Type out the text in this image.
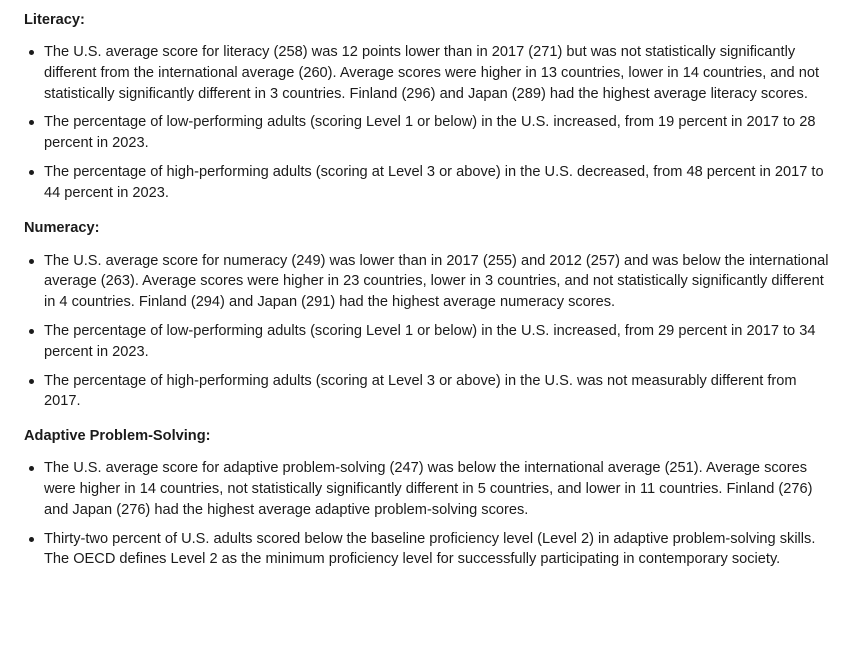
Literacy:

The U.S. average score for literacy (258) was 12 points lower than in 2017 (271) but was not statistically significantly different from the international average (260). Average scores were higher in 13 countries, lower in 14 countries, and not statistically significantly different in 3 countries. Finland (296) and Japan (289) had the highest average literacy scores.
The percentage of low-performing adults (scoring Level 1 or below) in the U.S. increased, from 19 percent in 2017 to 28 percent in 2023.
The percentage of high-performing adults (scoring at Level 3 or above) in the U.S. decreased, from 48 percent in 2017 to 44 percent in 2023.

Numeracy:

The U.S. average score for numeracy (249) was lower than in 2017 (255) and 2012 (257) and was below the international average (263). Average scores were higher in 23 countries, lower in 3 countries, and not statistically significantly different in 4 countries. Finland (294) and Japan (291) had the highest average numeracy scores.
The percentage of low-performing adults (scoring Level 1 or below) in the U.S. increased, from 29 percent in 2017 to 34 percent in 2023.
The percentage of high-performing adults (scoring at Level 3 or above) in the U.S. was not measurably different from 2017.

Adaptive Problem-Solving:

The U.S. average score for adaptive problem-solving (247) was below the international average (251). Average scores were higher in 14 countries, not statistically significantly different in 5 countries, and lower in 11 countries. Finland (276) and Japan (276) had the highest average adaptive problem-solving scores.
Thirty-two percent of U.S. adults scored below the baseline proficiency level (Level 2) in adaptive problem-solving skills. The OECD defines Level 2 as the minimum proficiency level for successfully participating in contemporary society.
